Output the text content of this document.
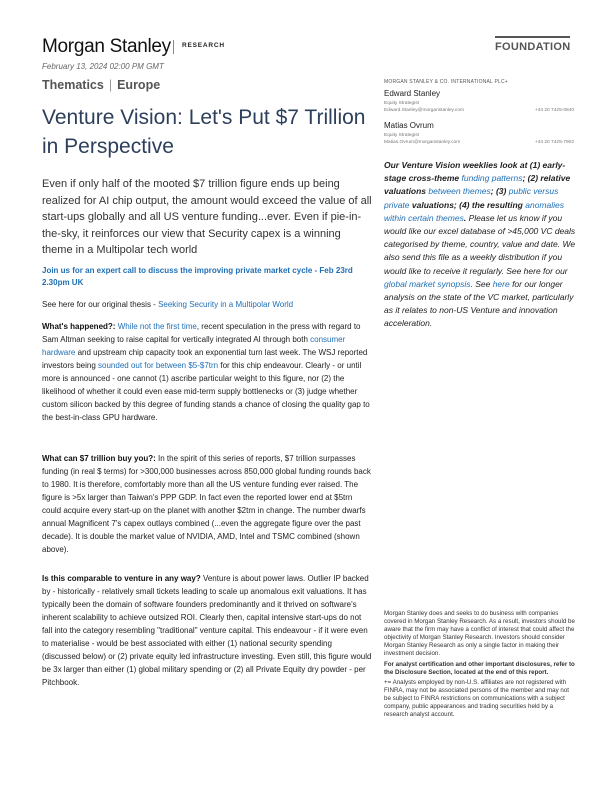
Morgan Stanley RESEARCH	FOUNDATION
February 13, 2024 02:00 PM GMT
Thematics | Europe
Venture Vision: Let's Put $7 Trillion in Perspective
Even if only half of the mooted $7 trillion figure ends up being realized for AI chip output, the amount would exceed the value of all start-ups globally and all US venture funding...ever. Even if pie-in-the-sky, it reinforces our view that Security capex is a winning theme in a Multipolar tech world
Join us for an expert call to discuss the improving private market cycle - Feb 23rd 2.30pm UK
See here for our original thesis - Seeking Security in a Multipolar World
What's happened?: While not the first time, recent speculation in the press with regard to Sam Altman seeking to raise capital for vertically integrated AI through both consumer hardware and upstream chip capacity took an exponential turn last week. The WSJ reported investors being sounded out for between $5-$7trn for this chip endeavour. Clearly - or until more is announced - one cannot (1) ascribe particular weight to this figure, nor (2) the likelihood of whether it could even ease mid-term supply bottlenecks or (3) judge whether custom silicon backed by this degree of funding stands a chance of closing the quality gap to the best-in-class GPU hardware.
What can $7 trillion buy you?: In the spirit of this series of reports, $7 trillion surpasses funding (in real $ terms) for >300,000 businesses across 850,000 global funding rounds back to 1980. It is therefore, comfortably more than all the US venture funding ever raised. The figure is >5x larger than Taiwan's PPP GDP. In fact even the reported lower end at $5trn could acquire every start-up on the planet with another $2trn in change. The number dwarfs annual Magnificent 7's capex outlays combined (...even the aggregate figure over the past decade). It is double the market value of NVIDIA, AMD, Intel and TSMC combined (shown above).
Is this comparable to venture in any way? Venture is about power laws. Outlier IP backed by - historically - relatively small tickets leading to scale up anomalous exit valuations. It has typically been the domain of software founders predominantly and it thrived on software's inherent scalability to achieve outsized ROI. Clearly then, capital intensive start-ups do not fall into the category resembling "traditional" venture capital. This endeavour - if it were even to materialise - would be best associated with either (1) national security spending (discussed below) or (2) private equity led infrastructure investing. Even still, this figure would be 3x larger than either (1) global military spending or (2) all Private Equity dry powder - per Pitchbook.
MORGAN STANLEY & CO. INTERNATIONAL PLC+
Edward Stanley
Equity Strategist
Edward.Stanley@morganstanley.com	+44 20 7425-0840
Matias Ovrum
Equity Strategist
Matias.Ovrum@morganstanley.com	+44 20 7425-7902
Our Venture Vision weeklies look at (1) early-stage cross-theme funding patterns; (2) relative valuations between themes; (3) public versus private valuations; (4) the resulting anomalies within certain themes. Please let us know if you would like our excel database of >45,000 VC deals categorised by theme, country, value and date. We also send this file as a weekly distribution if you would like to receive it regularly. See here for our global market synopsis. See here for our longer analysis on the state of the VC market, particularly as it relates to non-US Venture and innovation acceleration.

Morgan Stanley does and seeks to do business with companies covered in Morgan Stanley Research. As a result, investors should be aware that the firm may have a conflict of interest that could affect the objectivity of Morgan Stanley Research. Investors should consider Morgan Stanley Research as only a single factor in making their investment decision.

For analyst certification and other important disclosures, refer to the Disclosure Section, located at the end of this report.

+= Analysts employed by non-U.S. affiliates are not registered with FINRA, may not be associated persons of the member and may not be subject to FINRA restrictions on communications with a subject company, public appearances and trading securities held by a research analyst account.
